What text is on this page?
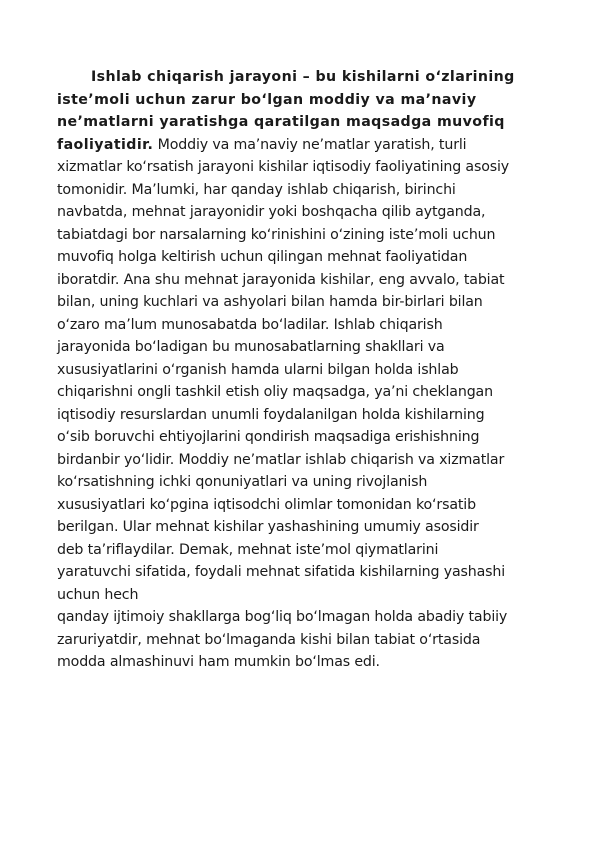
Ishlab chiqarish jarayoni – bu kishilarni o‘zlarining
iste’moli uchun zarur bo‘lgan moddiy va ma’naviy
ne’matlarni yaratishga qaratilgan maqsadga muvofiq
faoliyatidir. Moddiy va ma’naviy ne’matlar yaratish, turli
xizmatlar ko‘rsatish jarayoni kishilar iqtisodiy faoliyatining asosiy
tomonidir. Ma’lumki, har qanday ishlab chiqarish, birinchi
navbatda, mehnat jarayonidir yoki boshqacha qilib aytganda,
tabiatdagi bor narsalarning ko‘rinishini o‘zining iste’moli uchun
muvofiq holga keltirish uchun qilingan mehnat faoliyatidan
iboratdir. Ana shu mehnat jarayonida kishilar, eng avvalo, tabiat
bilan, uning kuchlari va ashyolari bilan hamda bir-birlari bilan
o‘zaro ma’lum munosabatda bo‘ladilar. Ishlab chiqarish
jarayonida bo‘ladigan bu munosabatlarning shakllari va
xususiyatlarini o‘rganish hamda ularni bilgan holda ishlab
chiqarishni ongli tashkil etish oliy maqsadga, ya’ni cheklangan
iqtisodiy resurslardan unumli foydalanilgan holda kishilarning
o‘sib boruvchi ehtiyojlarini qondirish maqsadiga erishishning
birdanbir yo‘lidir. Moddiy ne’matlar ishlab chiqarish va xizmatlar
ko‘rsatishning ichki qonuniyatlari va uning rivojlanish
xususiyatlari ko‘pgina iqtisodchi olimlar tomonidan ko‘rsatib
berilgan. Ular mehnat kishilar yashashining umumiy asosidir
deb ta’riflaydilar. Demak, mehnat iste’mol qiymatlarini
yaratuvchi sifatida, foydali mehnat sifatida kishilarning yashashi
uchun hech
qanday ijtimoiy shakllarga bog‘liq bo‘lmagan holda abadiy tabiiy
zaruriyatdir, mehnat bo‘lmaganda kishi bilan tabiat o‘rtasida
modda almashinuvi ham mumkin bo‘lmas edi.
